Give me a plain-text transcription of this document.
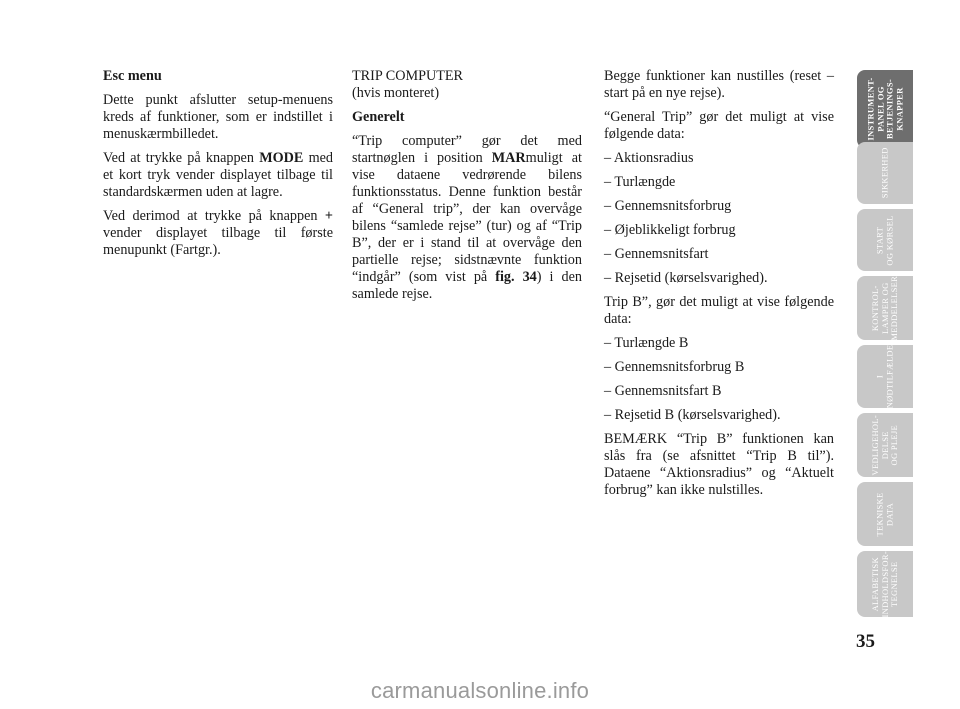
Esc menu

Dette punkt afslutter setup-menuens kreds af funktioner, som er indstillet i menuskærmbilledet.

Ved at trykke på knappen MODE med et kort tryk vender displayet tilbage til standardskærmen uden at lagre.

Ved derimod at trykke på knappen + vender displayet tilbage til første menupunkt (Fartgr.).

TRIP COMPUTER

(hvis monteret)

Generelt

“Trip computer” gør det med startnøglen i position MARmuligt at vise dataene vedrørende bilens funktionsstatus. Denne funktion består af “General trip”, der kan overvåge bilens “samlede rejse” (tur) og af “Trip B”, der er i stand til at overvåge den partielle rejse; sidstnævnte funktion “indgår” (som vist på fig. 34) i den samlede rejse.

Begge funktioner kan nustilles (reset – start på en nye rejse).

“General Trip” gør det muligt at vise følgende data:

– Aktionsradius

– Turlængde

– Gennemsnitsforbrug

– Øjeblikkeligt forbrug

– Gennemsnitsfart

– Rejsetid (kørselsvarighed).

Trip B”, gør det muligt at vise følgende data:

– Turlængde B

– Gennemsnitsforbrug B

– Gennemsnitsfart B

– Rejsetid B (kørselsvarighed).

BEMÆRK “Trip B” funktionen kan slås fra (se afsnittet “Trip B til”). Dataene “Aktionsradius” og “Aktuelt forbrug” kan ikke nulstilles.

INSTRUMENT- PANEL OG BETJENINGS- KNAPPER
SIKKERHED
START OG KØRSEL
KONTROL- LAMPER OG MEDDELELSER
I NØDTILFÆLDE
VEDLIGEHOL- DELSE OG PLEJE
TEKNISKE DATA
ALFABETISK INDHOLDSFOR- TEGNELSE
35
carmanualsonline.info
